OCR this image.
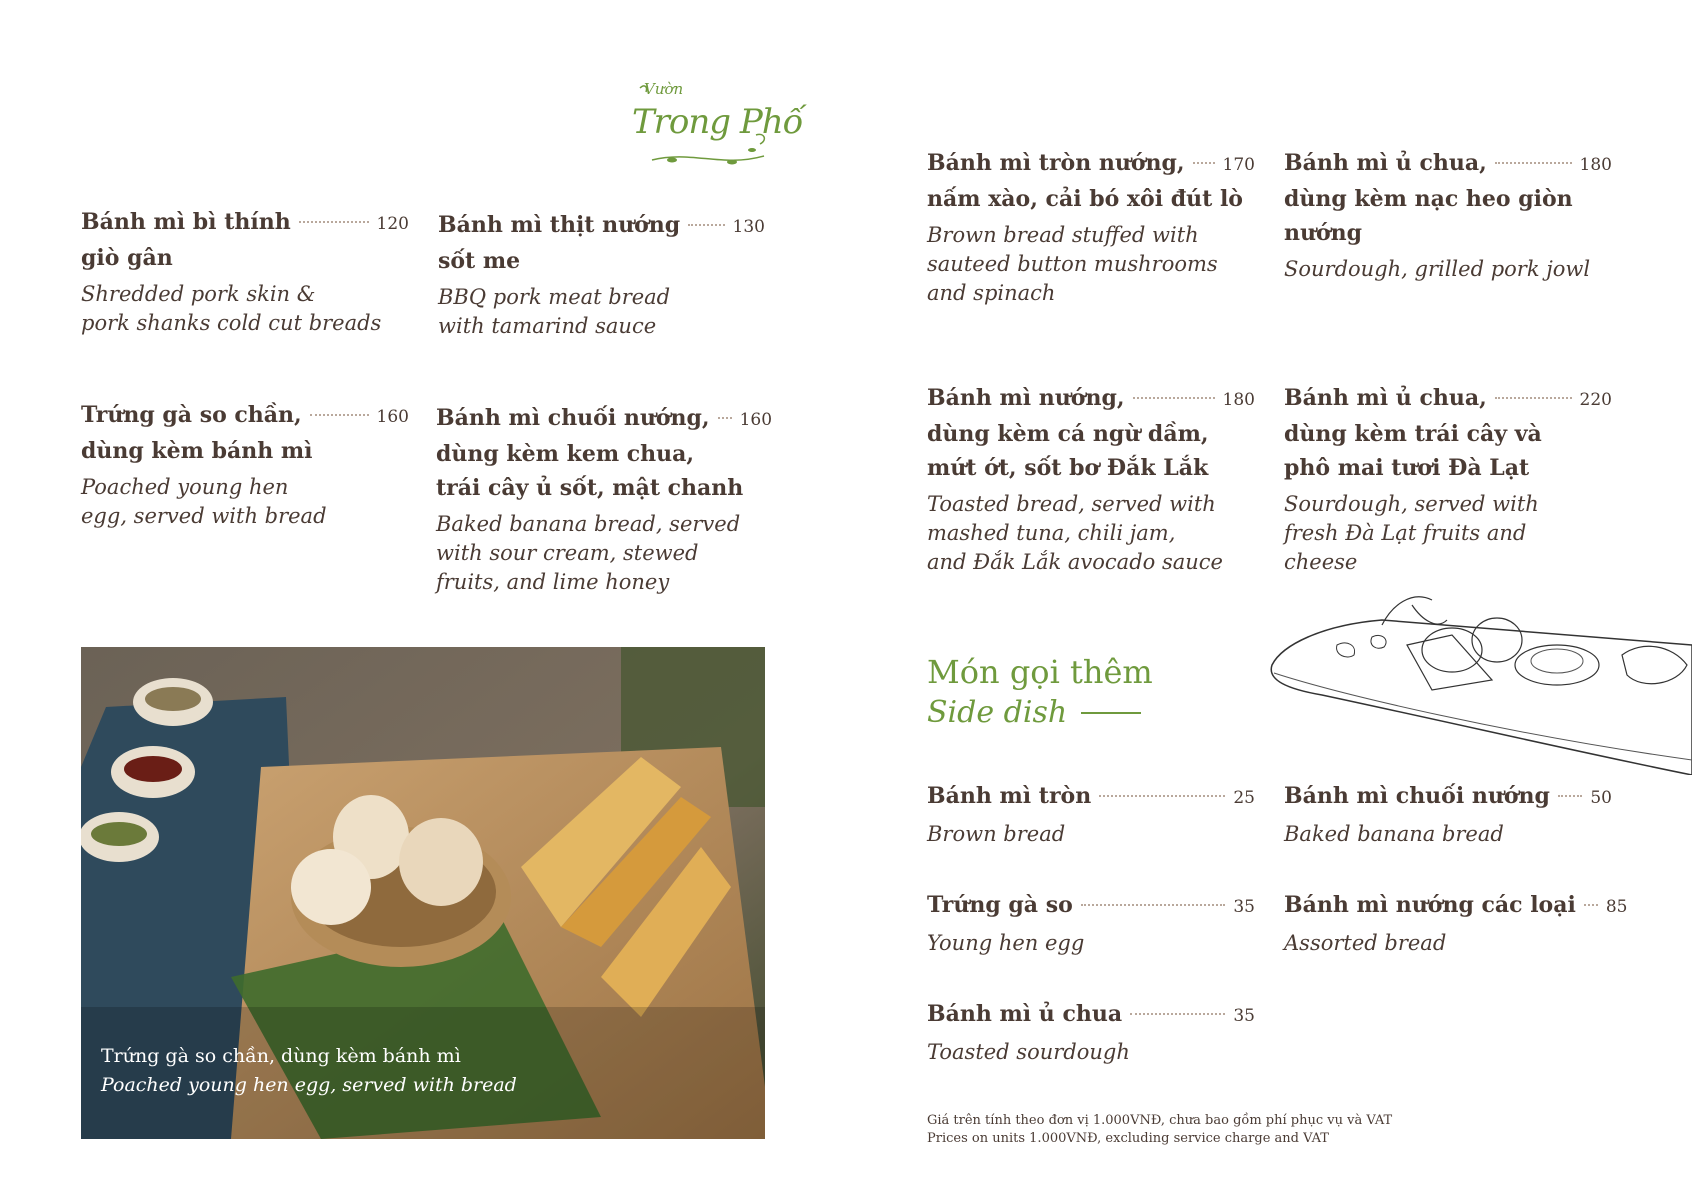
Vườn
Trong Phố
Bánh mì bì thính	120
giò gân
Shredded pork skin &
pork shanks cold cut breads
Bánh mì thịt nướng	130
sốt me
BBQ pork meat bread
with tamarind sauce
Trứng gà so chần,	160
dùng kèm bánh mì
Poached young hen
egg, served with bread
Bánh mì chuối nướng, 160
dùng kèm kem chua,
trái cây ủ sốt, mật chanh
Baked banana bread, served
with sour cream, stewed
fruits, and lime honey
Trứng gà so chần, dùng kèm bánh mì
Poached young hen egg, served with bread
Bánh mì tròn nướng, 170
nấm xào, cải bó xôi đút lò
Brown bread stuffed with
sauteed button mushrooms
and spinach
Bánh mì ủ chua,	180
dùng kèm nạc heo giòn
nướng
Sourdough, grilled pork jowl
Bánh mì nướng,	180
dùng kèm cá ngừ dầm,
mứt ớt, sốt bơ Đắk Lắk
Toasted bread, served with
mashed tuna, chili jam,
and Đắk Lắk avocado sauce
Bánh mì ủ chua,	220
dùng kèm trái cây và
phô mai tươi Đà Lạt
Sourdough, served with
fresh Đà Lạt fruits and
cheese
Món gọi thêm
Side dish
Bánh mì tròn	25
Brown bread
Bánh mì chuối nướng 50
Baked banana bread
Trứng gà so	35
Young hen egg
Bánh mì nướng các loại 85
Assorted bread
Bánh mì ủ chua	35
Toasted sourdough
Giá trên tính theo đơn vị 1.000VNĐ, chưa bao gồm phí phục vụ và VAT
Prices on units 1.000VNĐ, excluding service charge and VAT
